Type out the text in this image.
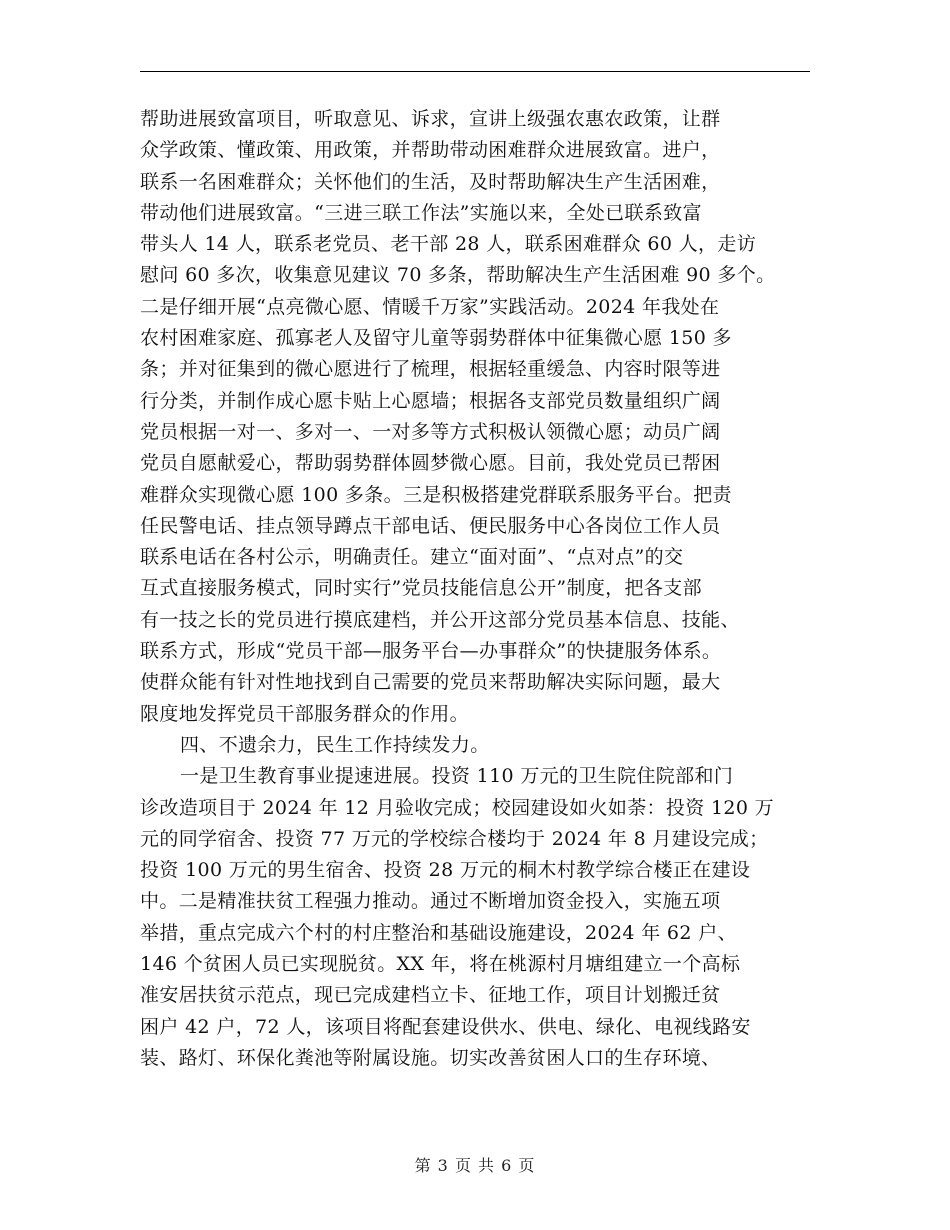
帮助进展致富项目，听取意见、诉求，宣讲上级强农惠农政策，让群
众学政策、懂政策、用政策，并帮助带动困难群众进展致富。进户，
联系一名困难群众；关怀他们的生活，及时帮助解决生产生活困难，
带动他们进展致富。“三进三联工作法”实施以来，全处已联系致富
带头人 14 人，联系老党员、老干部 28 人，联系困难群众 60 人，走访
慰问 60 多次，收集意见建议 70 多条，帮助解决生产生活困难 90 多个。
二是仔细开展“点亮微心愿、情暖千万家”实践活动。2024 年我处在
农村困难家庭、孤寡老人及留守儿童等弱势群体中征集微心愿 150 多
条；并对征集到的微心愿进行了梳理，根据轻重缓急、内容时限等进
行分类，并制作成心愿卡贴上心愿墙；根据各支部党员数量组织广阔
党员根据一对一、多对一、一对多等方式积极认领微心愿；动员广阔
党员自愿献爱心，帮助弱势群体圆梦微心愿。目前，我处党员已帮困
难群众实现微心愿 100 多条。三是积极搭建党群联系服务平台。把责
任民警电话、挂点领导蹲点干部电话、便民服务中心各岗位工作人员
联系电话在各村公示，明确责任。建立“面对面”、“点对点”的交
互式直接服务模式，同时实行”党员技能信息公开”制度，把各支部
有一技之长的党员进行摸底建档，并公开这部分党员基本信息、技能、
联系方式，形成“党员干部—服务平台—办事群众”的快捷服务体系。
使群众能有针对性地找到自己需要的党员来帮助解决实际问题，最大
限度地发挥党员干部服务群众的作用。
四、不遗余力，民生工作持续发力。
一是卫生教育事业提速进展。投资 110 万元的卫生院住院部和门
诊改造项目于 2024 年 12 月验收完成；校园建设如火如荼：投资 120 万
元的同学宿舍、投资 77 万元的学校综合楼均于 2024 年 8 月建设完成；
投资 100 万元的男生宿舍、投资 28 万元的桐木村教学综合楼正在建设
中。二是精准扶贫工程强力推动。通过不断增加资金投入，实施五项
举措，重点完成六个村的村庄整治和基础设施建设，2024 年 62 户、
146 个贫困人员已实现脱贫。XX 年，将在桃源村月塘组建立一个高标
准安居扶贫示范点，现已完成建档立卡、征地工作，项目计划搬迁贫
困户 42 户，72 人，该项目将配套建设供水、供电、绿化、电视线路安
装、路灯、环保化粪池等附属设施。切实改善贫困人口的生存环境、
第 3 页 共 6 页
